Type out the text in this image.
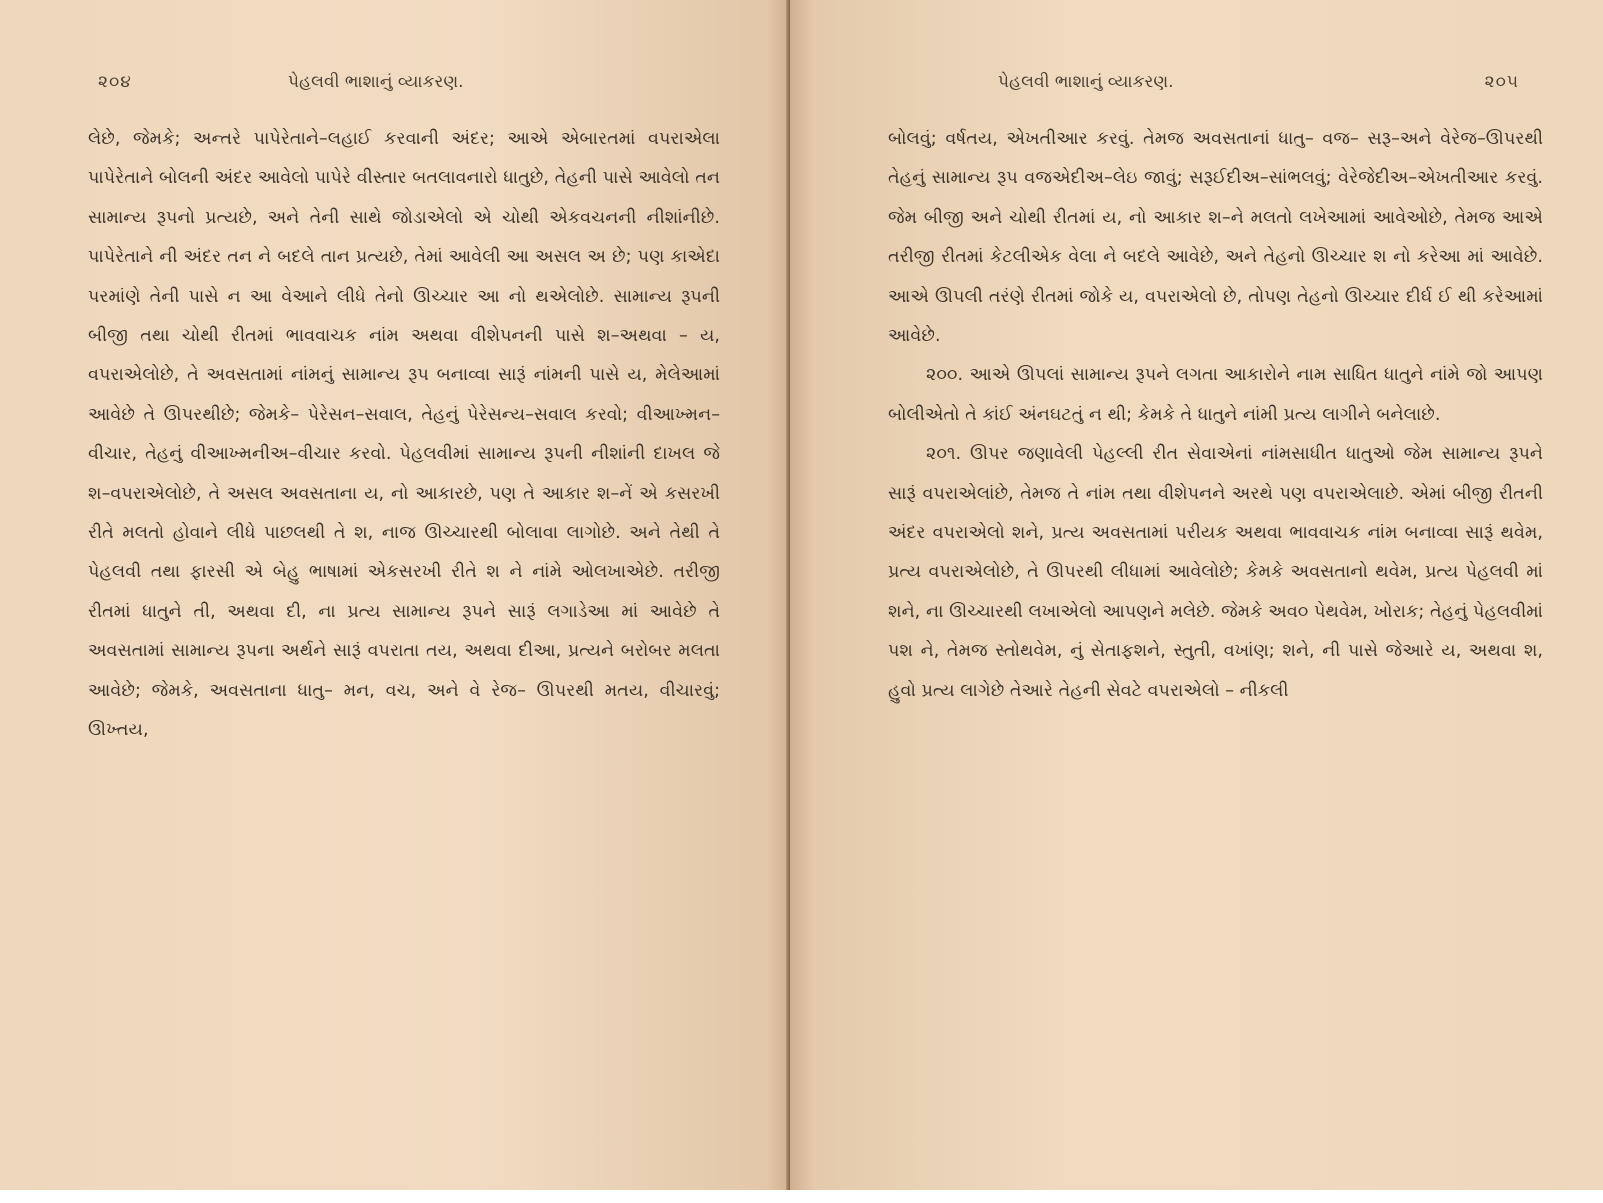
૨૦૪	પેહલવી ભાશાનું વ્યાકરણ.

લેછે, જેમકે; અન્તરે પાપેરેતાને–લહાઈ કરવાની અંદર; આએ એબારતમાં વપરાએલા પાપેરેતાને બોલની અંદર આવેલો પાપેરે વીસ્તાર બતલાવનારો ધાતુછે, તેહની પાસે આવેલો તન સામાન્ય રૂપનો પ્રત્યછે, અને તેની સાથે જોડાએલો એ ચોથી એકવચનની નીશાંનીછે. પાપેરેતાને ની અંદર તન ને બદલે તાન પ્રત્યછે, તેમાં આવેલી આ અસલ અ છે; પણ કાએદા પરમાંણે તેની પાસે ન આ વેઆને લીધે તેનો ઊચ્ચાર આ નો થએલોછે. સામાન્ય રૂપની બીજી તથા ચોથી રીતમાં ભાવવાચક નાંમ અથવા વીશેપનની પાસે શ–અથવા – ય, વપરાએલોછે, તે અવસતામાં નાંમનું સામાન્ય રૂપ બનાવ્વા સારૂં નાંમની પાસે ય, મેલેઆમાં આવેછે તે ઊપરથીછે; જેમકે– પેરેસન–સવાલ, તેહનું પેરેસન્ય–સવાલ કરવો; વીઆખ્મન–વીચાર, તેહનું વીઆખ્મનીઅ–વીચાર કરવો. પેહલવીમાં સામાન્ય રૂપની નીશાંની દાખલ જે શ–વપરાએલોછે, તે અસલ અવસતાના ય, નો આકારછે, પણ તે આકાર શ–નેં એ કસરખી રીતે મલતો હોવાને લીધે પાછલથી તે શ, નાજ ઊચ્ચારથી બોલાવા લાગોછે. અને તેથી તે પેહલવી તથા ફારસી એ બેહુ ભાષામાં એકસરખી રીતે શ ને નાંમે ઓલખાએછે. તરીજી રીતમાં ધાતુને તી, અથવા દી, ના પ્રત્ય સામાન્ય રૂપને સારૂં લગાડેઆ માં આવેછે તે અવસતામાં સામાન્ય રૂપના અર્થને સારૂં વપરાતા તય, અથવા દીઆ, પ્રત્યને બરોબર મલતા આવેછે; જેમકે, અવસતાના ધાતુ– મન, વચ, અને વે રેજ– ઊપરથી મતય, વીચારવું; ઊખ્તય,

પેહલવી ભાશાનું વ્યાકરણ.	૨૦૫

બોલવું; વર્ષતય, એખતીઆર કરવું. તેમજ અવસતાનાં ધાતુ– વજ– સરૂ–અને વેરેજ–ઊપરથી તેહનું સામાન્ય રૂપ વજએદીઅ–લેઇ જાવું; સરૂઈદીઅ–સાંભલવું; વેરેજેદીઅ–એખતીઆર કરવું. જેમ બીજી અને ચોથી રીતમાં ય, નો આકાર શ–ને મલતો લખેઆમાં આવેઓછે, તેમજ આએ તરીજી રીતમાં કેટલીએક વેલા ને બદલે આવેછે, અને તેહનો ઊચ્ચાર શ નો કરેઆ માં આવેછે. આએ ઊપલી તરંણે રીતમાં જોકે ય, વપરાએલો છે, તોપણ તેહનો ઊચ્ચાર દીર્ઘ ઈ થી કરેઆમાં આવેછે.

૨૦૦. આએ ઊપલાં સામાન્ય રૂપને લગતા આકારોને નામ સાધિત ધાતુને નાંમે જો આપણ બોલીએતો તે કાંઈ અંનઘટતું ન થી; કેમકે તે ધાતુને નાંમી પ્રત્ય લાગીને બનેલાછે.

૨૦૧. ઊપર જણાવેલી પેહલ્લી રીત સેવાએનાં નાંમસાધીત ધાતુઓ જેમ સામાન્ય રૂપને સારૂં વપરાએલાંછે, તેમજ તે નાંમ તથા વીશેપનને અરથે પણ વપરાએલાછે. એમાં બીજી રીતની અંદર વપરાએલો શને, પ્રત્ય અવસતામાં પરીયક અથવા ભાવવાચક નાંમ બનાવ્વા સારૂં થવેમ, પ્રત્ય વપરાએલોછે, તે ઊપરથી લીધામાં આવેલોછે; કેમકે અવસતાનો થવેમ, પ્રત્ય પેહલવી માં શને, ના ઊચ્ચારથી લખાએલો આપણને મલેછે. જેમકે અવ૦ પેથવેમ, ખોરાક; તેહનું પેહલવીમાં પશ ને, તેમજ સ્તોથવેમ, નું સેતાફશને, સ્તુતી, વખાંણ; શને, ની પાસે જેઆરે ય, અથવા શ, હુવો પ્રત્ય લાગેછે તેઆરે તેહની સેવટે વપરાએલો – નીકલી
